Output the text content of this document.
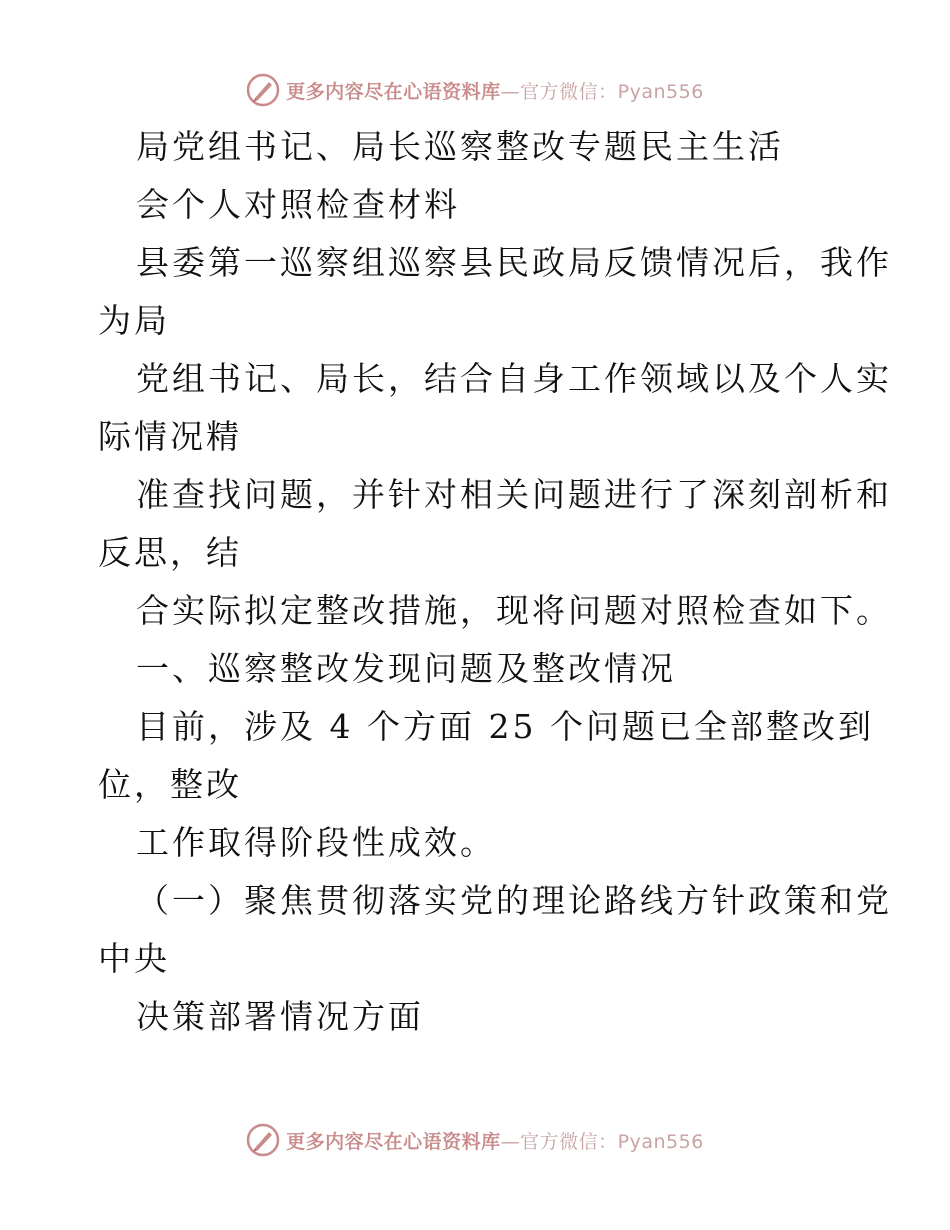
更多内容尽在心语资料库—官方微信：Pyan556
局党组书记、局长巡察整改专题民主生活
会个人对照检查材料
县委第一巡察组巡察县民政局反馈情况后，我作
为局
党组书记、局长，结合自身工作领域以及个人实
际情况精
准查找问题，并针对相关问题进行了深刻剖析和
反思，结
合实际拟定整改措施，现将问题对照检查如下。
一、巡察整改发现问题及整改情况
目前，涉及 4 个方面 25 个问题已全部整改到
位，整改
工作取得阶段性成效。
（一）聚焦贯彻落实党的理论路线方针政策和党
中央
决策部署情况方面
更多内容尽在心语资料库—官方微信：Pyan556
